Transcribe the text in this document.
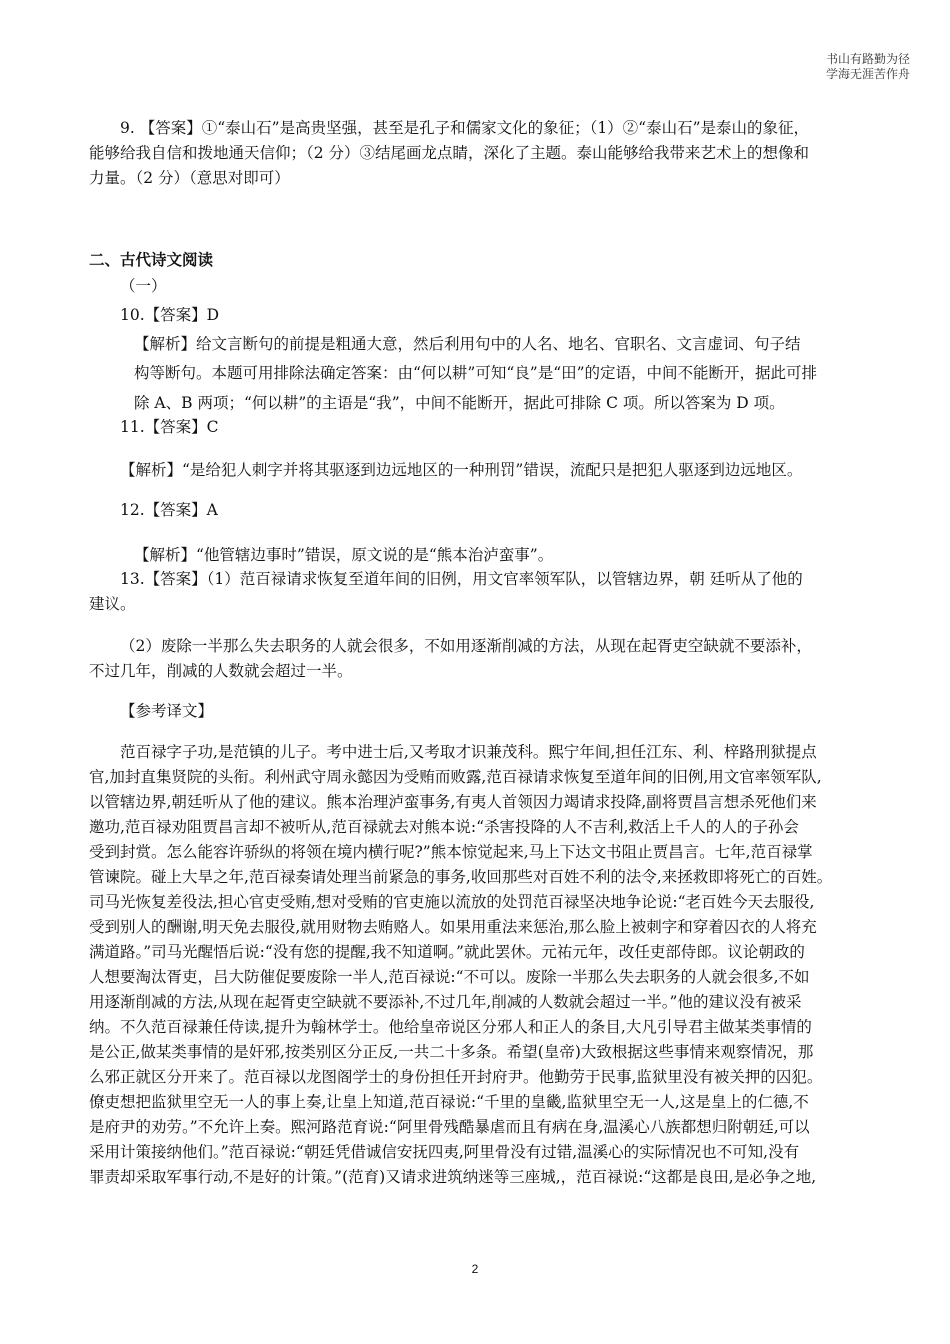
书山有路勤为径
学海无涯苦作舟
9. 【答案】①“泰山石”是高贵坚强，甚至是孔子和儒家文化的象征；（1）②“泰山石”是泰山的象征，
能够给我自信和拨地通天信仰；（2 分）③结尾画龙点睛，深化了主题。泰山能够给我带来艺术上的想像和
力量。（2 分）（意思对即可）
二、古代诗文阅读
（一）
10.【答案】D
【解析】给文言断句的前提是粗通大意，然后利用句中的人名、地名、官职名、文言虚词、句子结
构等断句。本题可用排除法确定答案：由“何以耕”可知“良”是“田”的定语，中间不能断开，据此可排
除 A、B 两项；“何以耕”的主语是“我”，中间不能断开，据此可排除 C 项。所以答案为 D 项。
11.【答案】C
【解析】“是给犯人刺字并将其驱逐到边远地区的一种刑罚”错误，流配只是把犯人驱逐到边远地区。
12.【答案】A
【解析】“他管辖边事时”错误，原文说的是“熊本治泸蛮事”。
13.【答案】（1）范百禄请求恢复至道年间的旧例，用文官率领军队，以管辖边界，朝 廷听从了他的
建议。
（2）废除一半那么失去职务的人就会很多，不如用逐渐削减的方法，从现在起胥吏空缺就不要添补，
不过几年，削减的人数就会超过一半。
【参考译文】
范百禄字子功,是范镇的儿子。考中进士后,又考取才识兼茂科。熙宁年间,担任江东、利、梓路刑狱提点
官,加封直集贤院的头衔。利州武守周永懿因为受贿而败露,范百禄请求恢复至道年间的旧例,用文官率领军队,
以管辖边界,朝廷听从了他的建议。熊本治理泸蛮事务,有夷人首领因力竭请求投降,副将贾昌言想杀死他们来
邀功,范百禄劝阻贾昌言却不被听从,范百禄就去对熊本说:“杀害投降的人不吉利,救活上千人的人的子孙会
受到封赏。怎么能容许骄纵的将领在境内横行呢?”熊本惊觉起来,马上下达文书阻止贾昌言。七年,范百禄掌
管谏院。碰上大旱之年,范百禄奏请处理当前紧急的事务,收回那些对百姓不利的法令,来拯救即将死亡的百姓。
司马光恢复差役法,担心官吏受贿,想对受贿的官吏施以流放的处罚范百禄坚决地争论说:“老百姓今天去服役,
受到别人的酬谢,明天免去服役,就用财物去贿赂人。如果用重法来惩治,那么脸上被刺字和穿着囚衣的人将充
满道路。”司马光醒悟后说:“没有您的提醒,我不知道啊。”就此罢休。元祐元年，改任吏部侍郎。议论朝政的
人想要淘汰胥吏，吕大防催促要废除一半人,范百禄说:“不可以。废除一半那么失去职务的人就会很多,不如
用逐渐削减的方法,从现在起胥吏空缺就不要添补,不过几年,削减的人数就会超过一半。”他的建议没有被采
纳。不久范百禄兼任侍读,提升为翰林学士。他给皇帝说区分邪人和正人的条目,大凡引导君主做某类事情的
是公正,做某类事情的是奸邪,按类别区分正反,一共二十多条。希望(皇帝)大致根据这些事情来观察情况，那
么邪正就区分开来了。范百禄以龙图阁学士的身份担任开封府尹。他勤劳于民事,监狱里没有被关押的囚犯。
僚吏想把监狱里空无一人的事上奏,让皇上知道,范百禄说:“千里的皇畿,监狱里空无一人,这是皇上的仁德,不
是府尹的劝劳。”不允许上奏。熙河路范育说:“阿里骨残酷暴虐而且有病在身,温溪心八族都想归附朝廷,可以
采用计策接纳他们。”范百禄说:“朝廷凭借诚信安抚四夷,阿里骨没有过错,温溪心的实际情况也不可知,没有
罪责却采取军事行动,不是好的计策。”(范育)又请求进筑纳迷等三座城,，范百禄说:“这都是良田,是必争之地,
2
